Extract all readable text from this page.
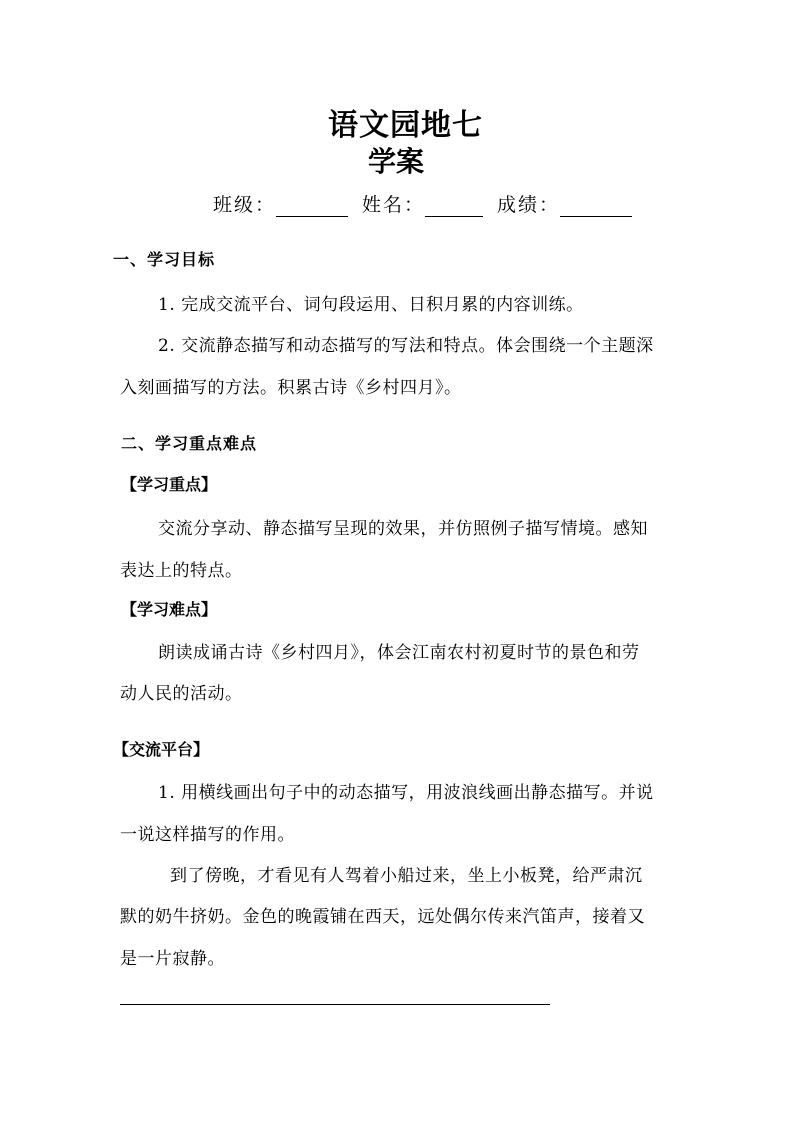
语文园地七
学案
班级：	姓名：	成绩：
一、学习目标
1. 完成交流平台、词句段运用、日积月累的内容训练。
2. 交流静态描写和动态描写的写法和特点。体会围绕一个主题深
入刻画描写的方法。积累古诗《乡村四月》。
二、学习重点难点
【学习重点】
交流分享动、静态描写呈现的效果，并仿照例子描写情境。感知
表达上的特点。
【学习难点】
朗读成诵古诗《乡村四月》，体会江南农村初夏时节的景色和劳
动人民的活动。
【交流平台】
1. 用横线画出句子中的动态描写，用波浪线画出静态描写。并说
一说这样描写的作用。
到了傍晚，才看见有人驾着小船过来，坐上小板凳，给严肃沉
默的奶牛挤奶。金色的晚霞铺在西天，远处偶尔传来汽笛声，接着又
是一片寂静。
